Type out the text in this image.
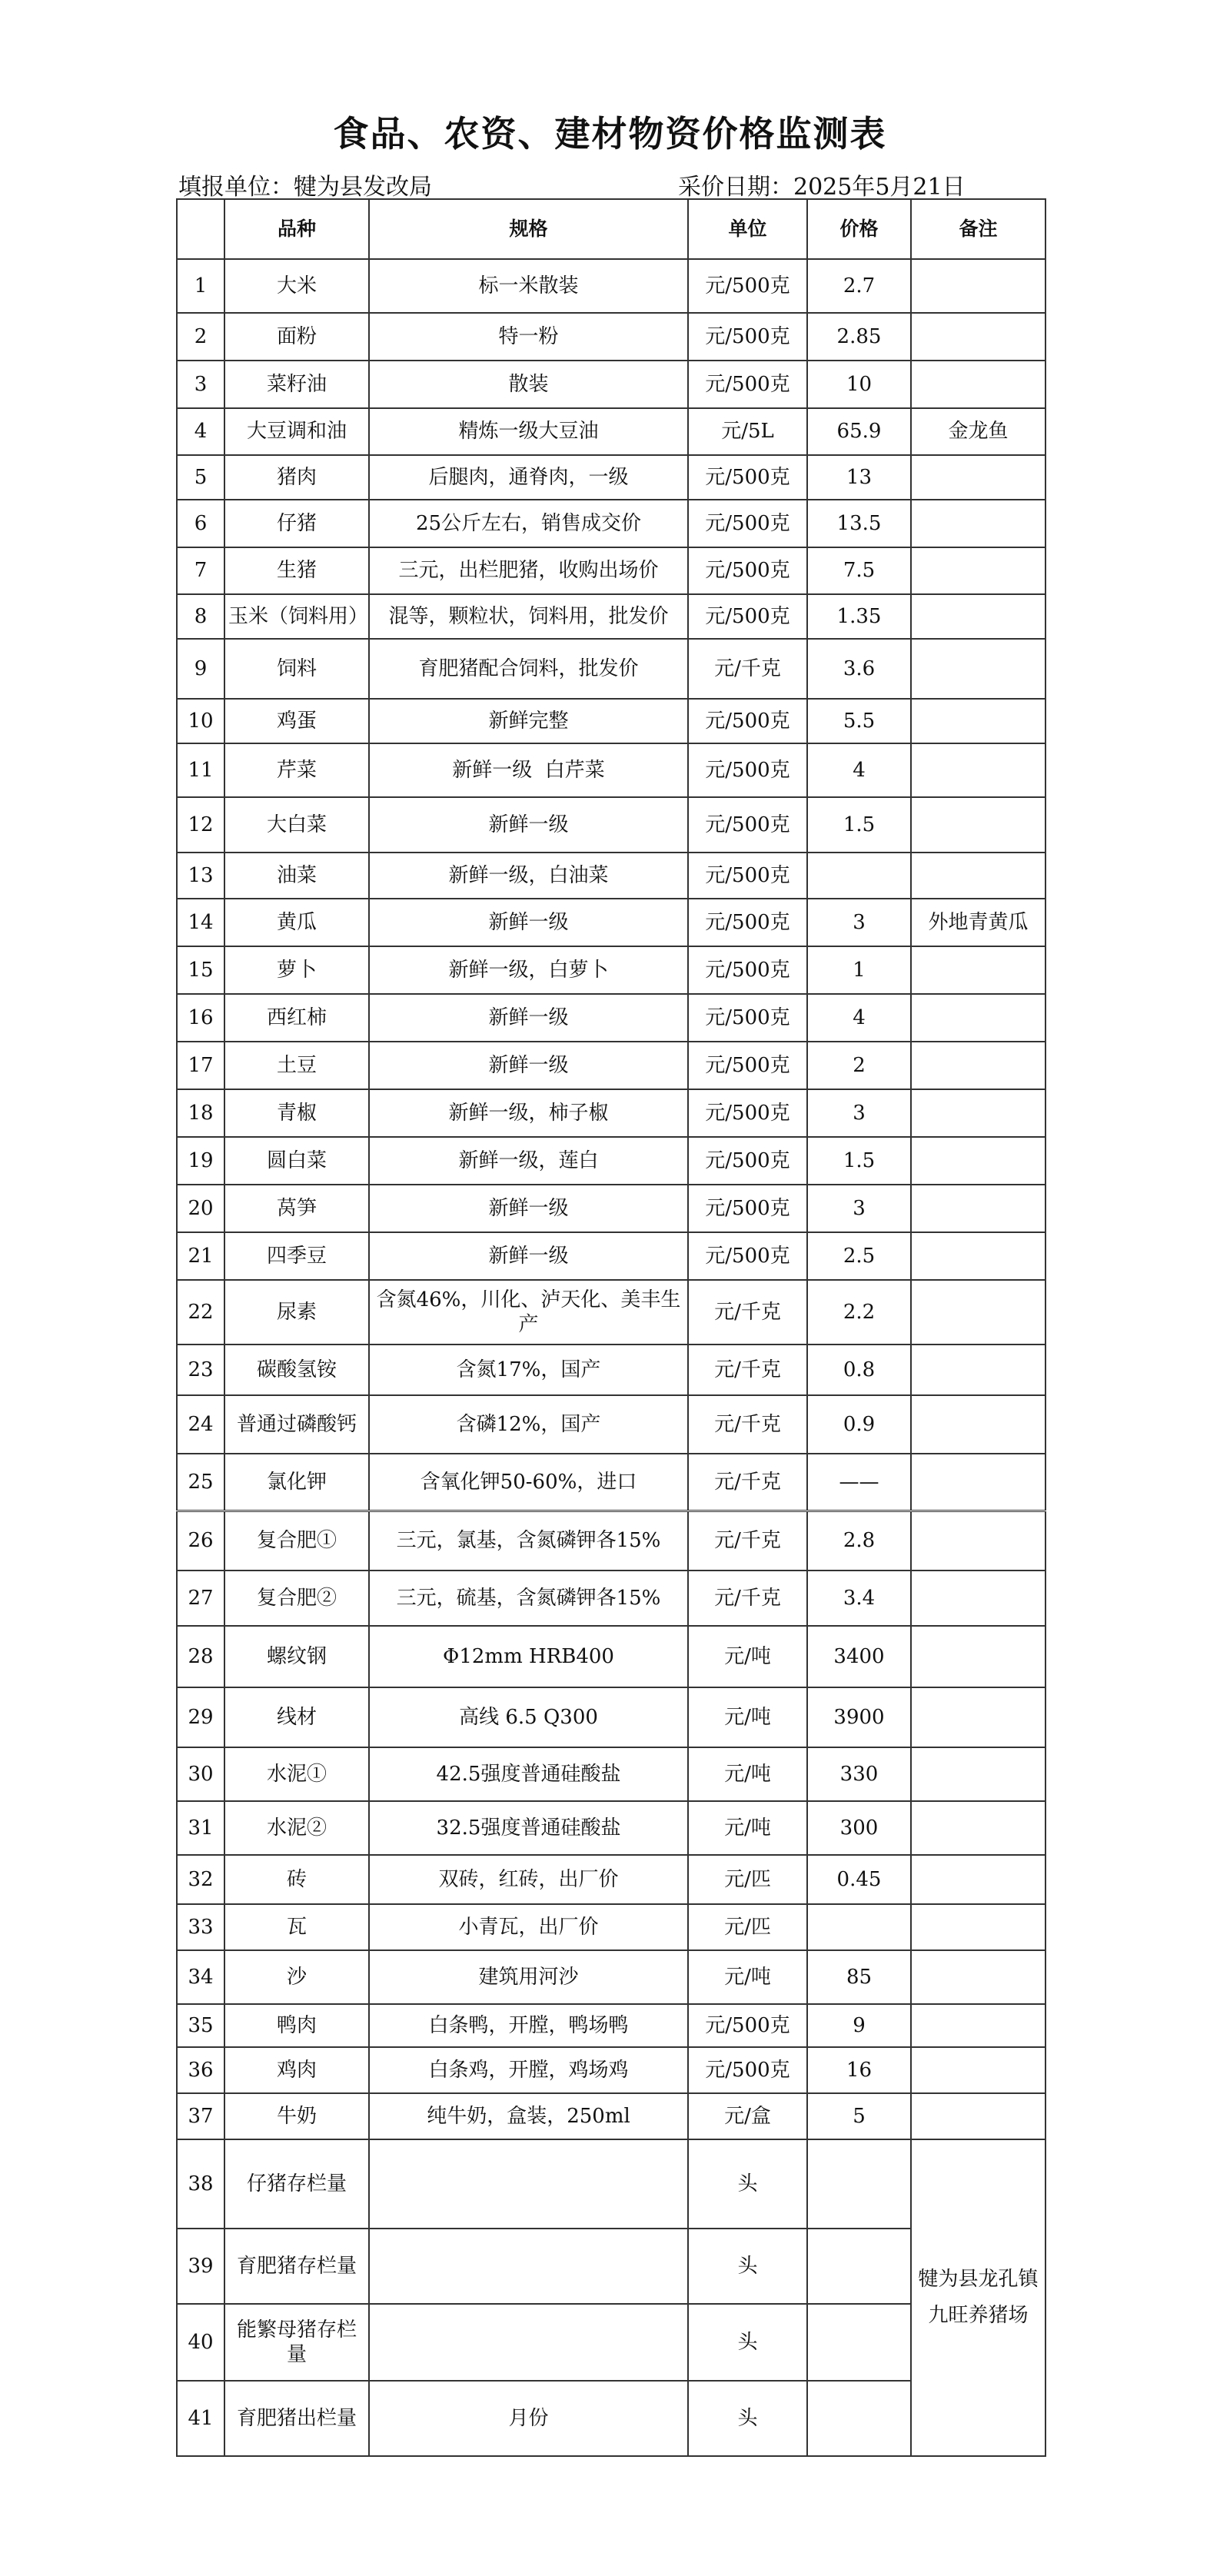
食品、农资、建材物资价格监测表
填报单位：犍为县发改局	采价日期：2025年5月21日
	品种	规格	单位	价格	备注
1	大米	标一米散装	元/500克	2.7	
2	面粉	特一粉	元/500克	2.85	
3	菜籽油	散装	元/500克	10	
4	大豆调和油	精炼一级大豆油	元/5L	65.9	金龙鱼
5	猪肉	后腿肉，通脊肉，一级	元/500克	13	
6	仔猪	25公斤左右，销售成交价	元/500克	13.5	
7	生猪	三元，出栏肥猪，收购出场价	元/500克	7.5	
8	玉米（饲料用）	混等，颗粒状，饲料用，批发价	元/500克	1.35	
9	饲料	育肥猪配合饲料，批发价	元/千克	3.6	
10	鸡蛋	新鲜完整	元/500克	5.5	
11	芹菜	新鲜一级  白芹菜	元/500克	4	
12	大白菜	新鲜一级	元/500克	1.5	
13	油菜	新鲜一级，白油菜	元/500克		
14	黄瓜	新鲜一级	元/500克	3	外地青黄瓜
15	萝卜	新鲜一级，白萝卜	元/500克	1	
16	西红柿	新鲜一级	元/500克	4	
17	土豆	新鲜一级	元/500克	2	
18	青椒	新鲜一级，柿子椒	元/500克	3	
19	圆白菜	新鲜一级，莲白	元/500克	1.5	
20	莴笋	新鲜一级	元/500克	3	
21	四季豆	新鲜一级	元/500克	2.5	
22	尿素	含氮46%，川化、泸天化、美丰生产	元/千克	2.2	
23	碳酸氢铵	含氮17%，国产	元/千克	0.8	
24	普通过磷酸钙	含磷12%，国产	元/千克	0.9	
25	氯化钾	含氧化钾50-60%，进口	元/千克	——	
26	复合肥①	三元，氯基，含氮磷钾各15%	元/千克	2.8	
27	复合肥②	三元，硫基，含氮磷钾各15%	元/千克	3.4	
28	螺纹钢	Φ12mm HRB400	元/吨	3400	
29	线材	高线 6.5 Q300	元/吨	3900	
30	水泥①	42.5强度普通硅酸盐	元/吨	330	
31	水泥②	32.5强度普通硅酸盐	元/吨	300	
32	砖	双砖，红砖，出厂价	元/匹	0.45	
33	瓦	小青瓦，出厂价	元/匹		
34	沙	建筑用河沙	元/吨	85	
35	鸭肉	白条鸭，开膛，鸭场鸭	元/500克	9	
36	鸡肉	白条鸡，开膛，鸡场鸡	元/500克	16	
37	牛奶	纯牛奶，盒装，250ml	元/盒	5	
38	仔猪存栏量		头		犍为县龙孔镇九旺养猪场
39	育肥猪存栏量		头		
40	能繁母猪存栏量		头		
41	育肥猪出栏量	月份	头		
